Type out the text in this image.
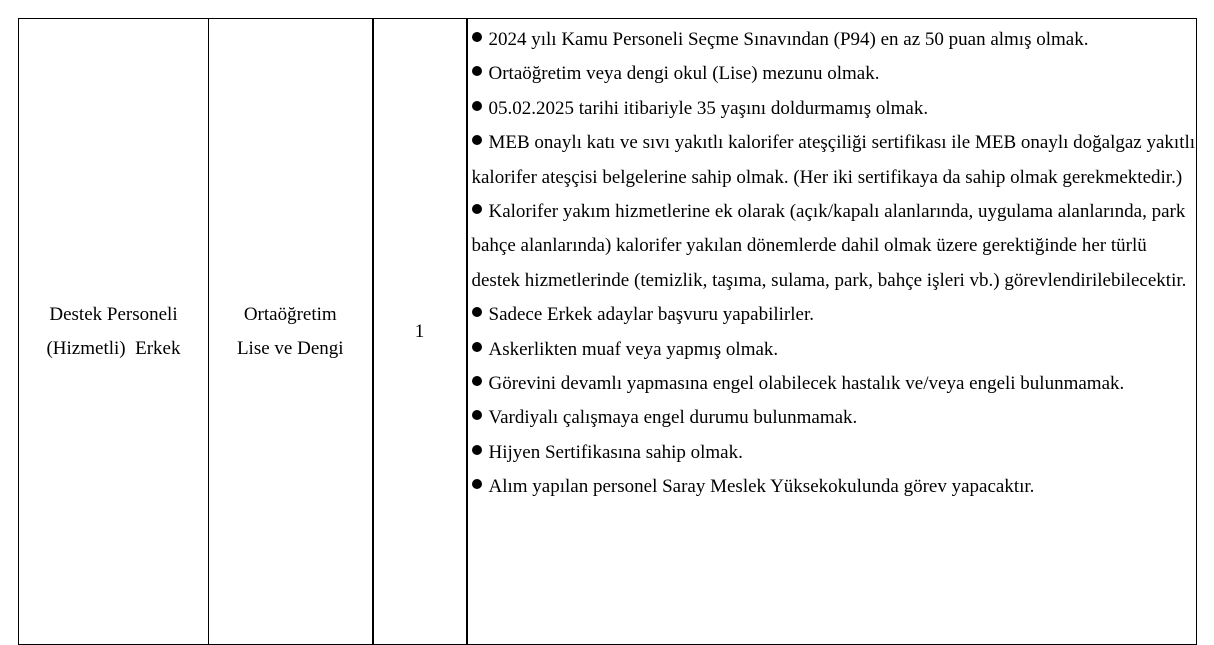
Destek Personeli
(Hizmetli)  Erkek

Ortaöğretim
Lise ve Dengi

1

2024 yılı Kamu Personeli Seçme Sınavından (P94) en az 50 puan almış olmak.
Ortaöğretim veya dengi okul (Lise) mezunu olmak.
05.02.2025 tarihi itibariyle 35 yaşını doldurmamış olmak.
MEB onaylı katı ve sıvı yakıtlı kalorifer ateşçiliği sertifikası ile MEB onaylı doğalgaz yakıtlı kalorifer ateşçisi belgelerine sahip olmak. (Her iki sertifikaya da sahip olmak gerekmektedir.)
Kalorifer yakım hizmetlerine ek olarak (açık/kapalı alanlarında, uygulama alanlarında, park bahçe alanlarında) kalorifer yakılan dönemlerde dahil olmak üzere gerektiğinde her türlü destek hizmetlerinde (temizlik, taşıma, sulama, park, bahçe işleri vb.) görevlendirilebilecektir.
Sadece Erkek adaylar başvuru yapabilirler.
Askerlikten muaf veya yapmış olmak.
Görevini devamlı yapmasına engel olabilecek hastalık ve/veya engeli bulunmamak.
Vardiyalı çalışmaya engel durumu bulunmamak.
Hijyen Sertifikasına sahip olmak.
Alım yapılan personel Saray Meslek Yüksekokulunda görev yapacaktır.
